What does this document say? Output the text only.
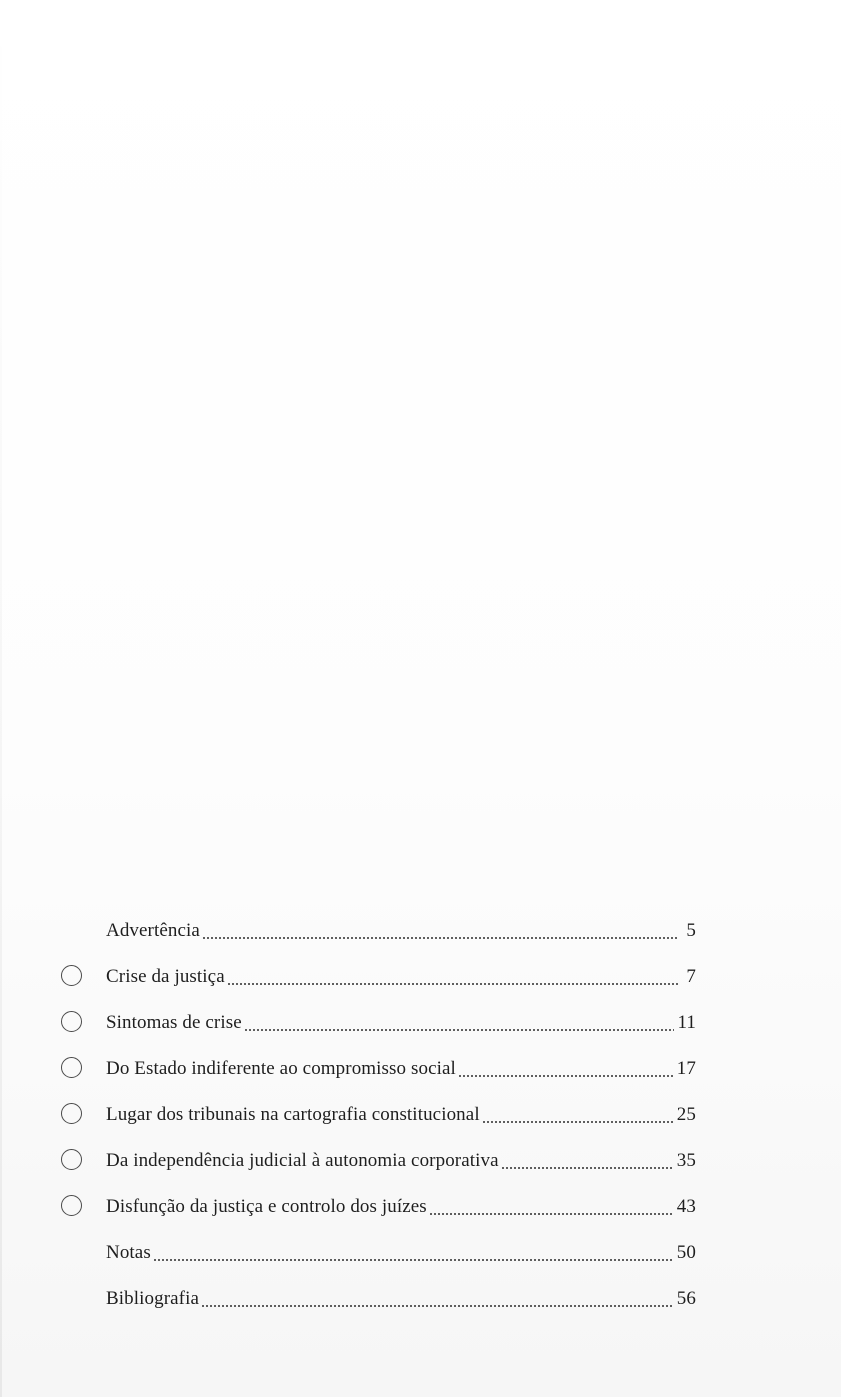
Advertência	5
Crise da justiça	7
Sintomas de crise	11
Do Estado indiferente ao compromisso social	17
Lugar dos tribunais na cartografia constitucional	25
Da independência judicial à autonomia corporativa	35
Disfunção da justiça e controlo dos juízes	43
Notas	50
Bibliografia	56
